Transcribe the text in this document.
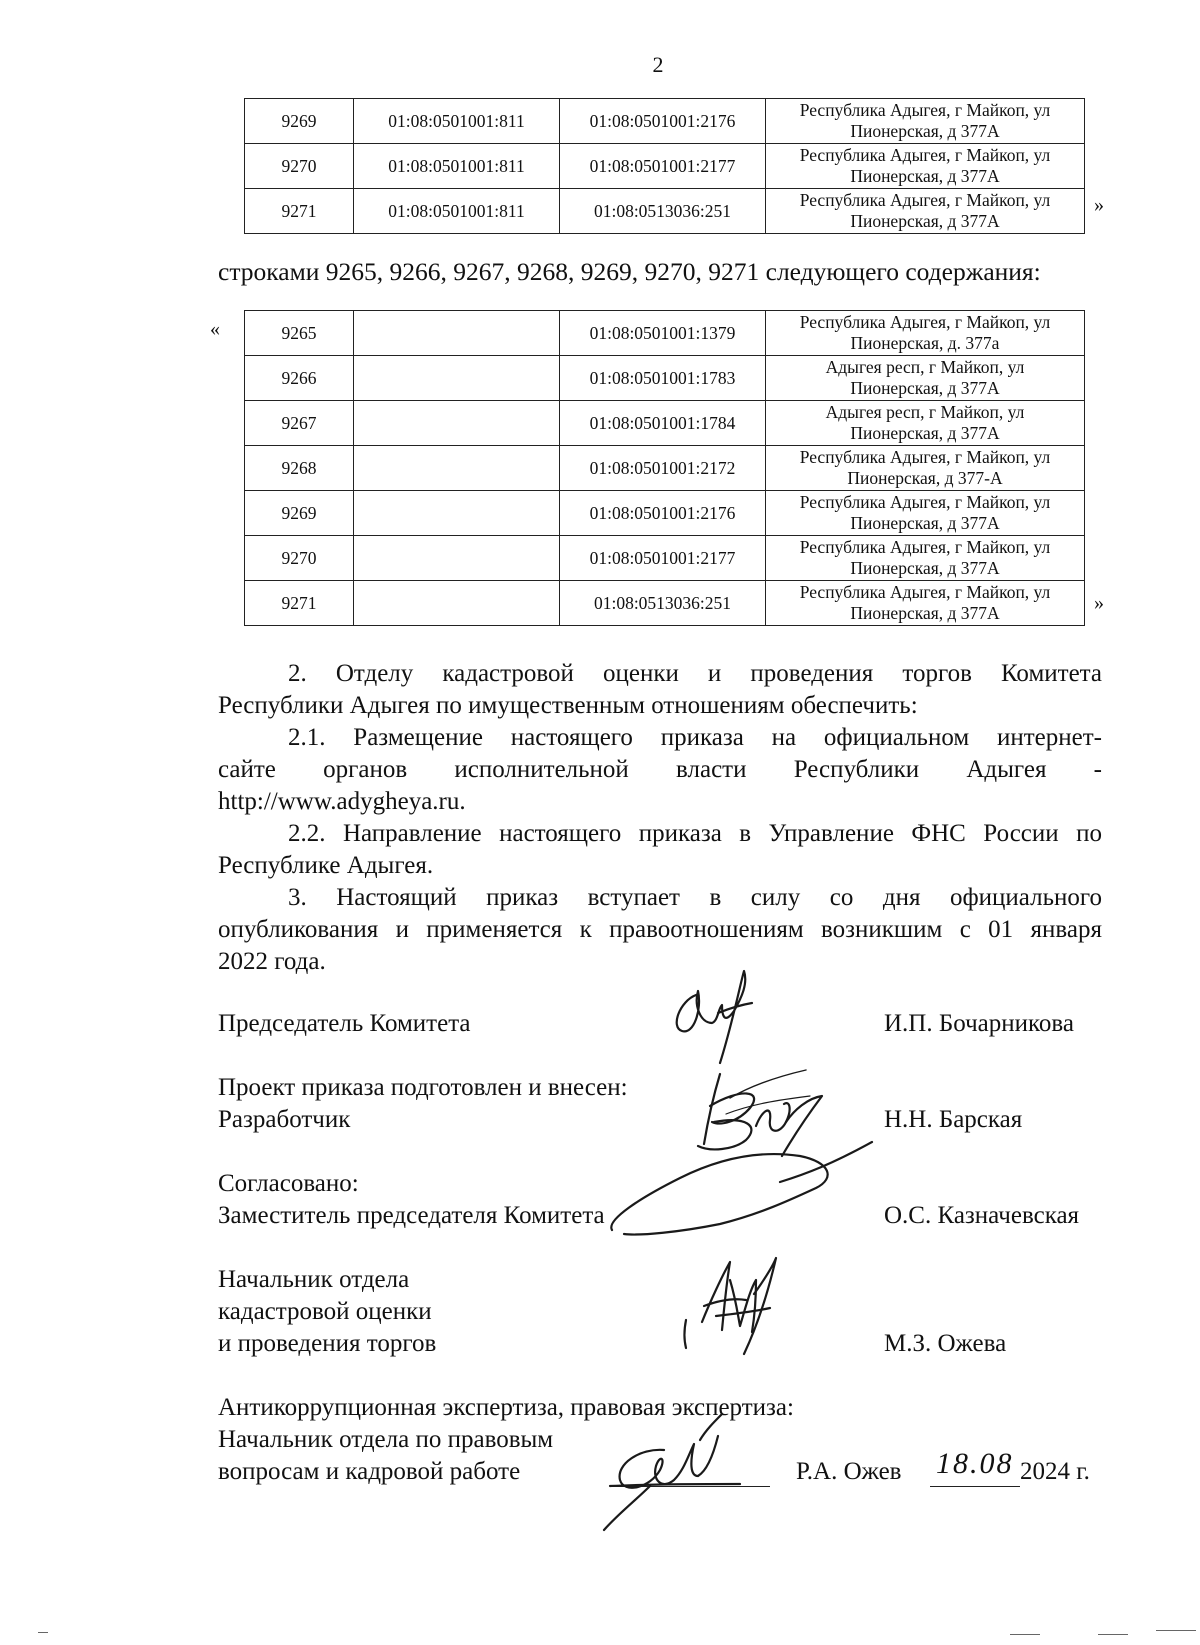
2
9269	01:08:0501001:811	01:08:0501001:2176	Республика Адыгея, г Майкоп, ул
Пионерская, д 377А

9270	01:08:0501001:811	01:08:0501001:2177	Республика Адыгея, г Майкоп, ул
Пионерская, д 377А

9271	01:08:0501001:811	01:08:0513036:251	Республика Адыгея, г Майкоп, ул
Пионерская, д 377А
»

строками 9265, 9266, 9267, 9268, 9269, 9270, 9271 следующего содержания:

«	9265		01:08:0501001:1379	Республика Адыгея, г Майкоп, ул
Пионерская, д. 377а

9266		01:08:0501001:1783	Адыгея респ, г Майкоп, ул
Пионерская, д 377А

9267		01:08:0501001:1784	Адыгея респ, г Майкоп, ул
Пионерская, д 377А

9268		01:08:0501001:2172	Республика Адыгея, г Майкоп, ул
Пионерская, д 377-А

9269		01:08:0501001:2176	Республика Адыгея, г Майкоп, ул
Пионерская, д 377А

9270		01:08:0501001:2177	Республика Адыгея, г Майкоп, ул
Пионерская, д 377А

9271		01:08:0513036:251	Республика Адыгея, г Майкоп, ул
Пионерская, д 377А	»
2. Отделу кадастровой оценки и проведения торгов Комитета
Республики Адыгея по имущественным отношениям обеспечить:
2.1. Размещение настоящего приказа на официальном интернет-
сайте органов исполнительной власти Республики Адыгея -
http://www.adygheya.ru.
2.2. Направление настоящего приказа в Управление ФНС России по
Республике Адыгея.
3. Настоящий приказ вступает в силу со дня официального
опубликования и применяется к правоотношениям возникшим с 01 января
2022 года.
Председатель Комитета	И.П. Бочарникова
Проект приказа подготовлен и внесен:
Разработчик	Н.Н. Барская
Согласовано:
Заместитель председателя Комитета	О.С. Казначевская
Начальник отдела
кадастровой оценки
и проведения торгов	М.З. Ожева
Антикоррупционная экспертиза, правовая экспертиза:
Начальник отдела по правовым
вопросам и кадровой работе	Р.А. Ожев 18.08 2024 г.
